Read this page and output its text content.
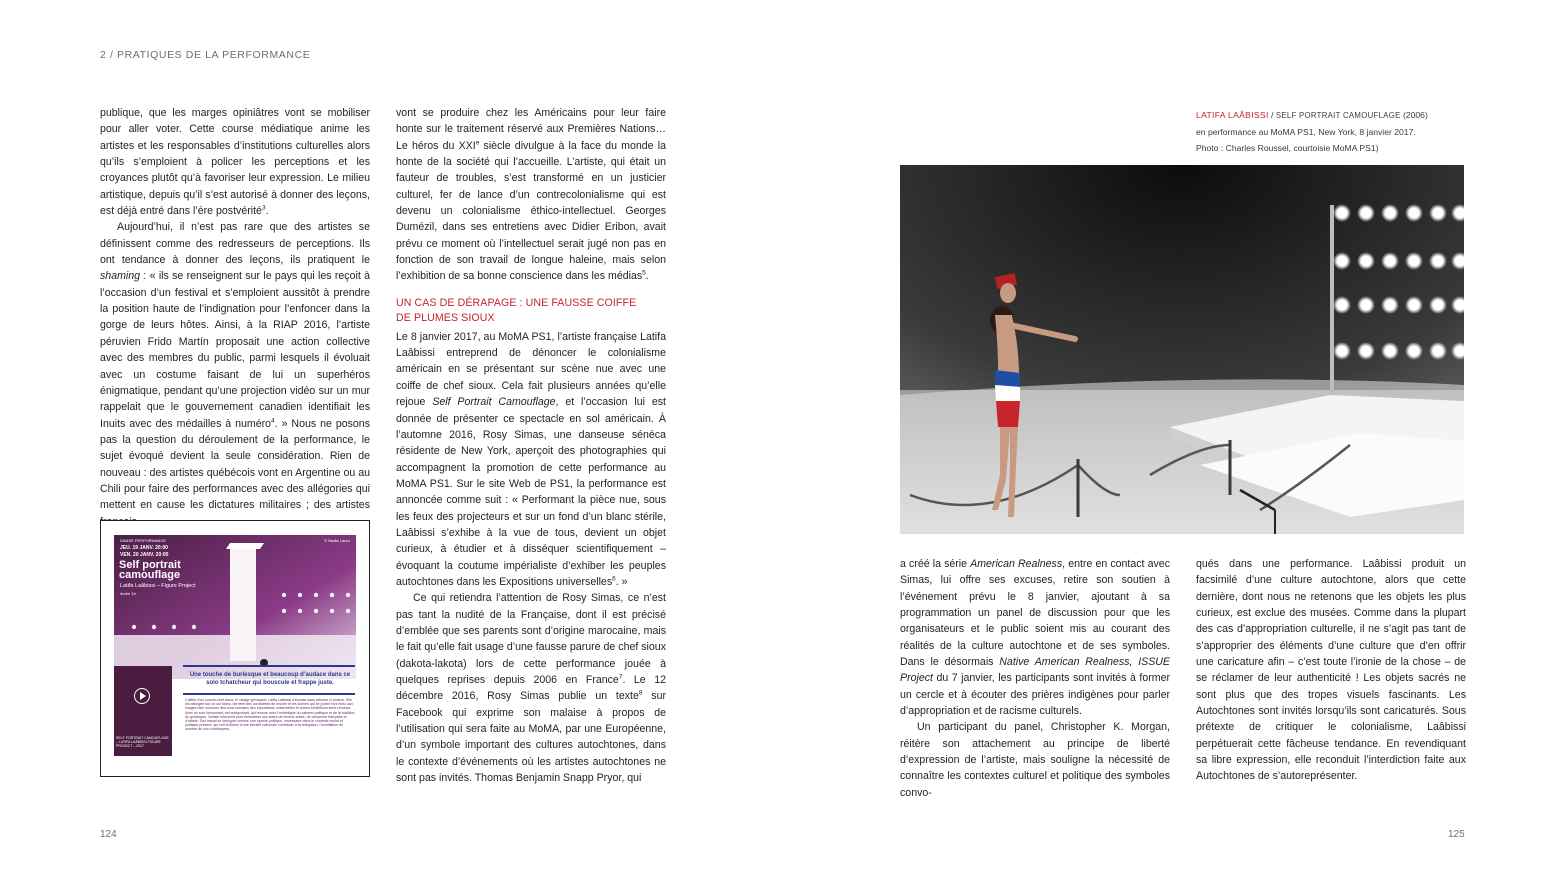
2 / PRATIQUES DE LA PERFORMANCE

publique, que les marges opiniâtres vont se mobiliser pour aller voter. Cette course médiatique anime les artistes et les responsables d’institutions culturelles alors qu’ils s’emploient à policer les perceptions et les croyances plutôt qu’à favoriser leur expression. Le milieu artistique, depuis qu’il s’est autorisé à donner des leçons, est déjà entré dans l’ère postvérité$^3$.

Aujourd’hui, il n’est pas rare que des artistes se définissent comme des redresseurs de perceptions. Ils ont tendance à donner des leçons, ils pratiquent le shaming : « ils se renseignent sur le pays qui les reçoit à l’occasion d’un festival et s’emploient aussitôt à prendre la position haute de l’indignation pour l’enfoncer dans la gorge de leurs hôtes. Ainsi, à la RIAP 2016, l’artiste péruvien Frido Martín proposait une action collective avec des membres du public, parmi lesquels il évoluait avec un costume faisant de lui un superhéros énigmatique, pendant qu’une projection vidéo sur un mur rappelait que le gouvernement canadien identifiait les Inuits avec des médailles à numéro$^4$. » Nous ne posons pas la question du déroulement de la performance, le sujet évoqué devient la seule considération. Rien de nouveau : des artistes québécois vont en Argentine ou au Chili pour faire des performances avec des allégories qui mettent en cause les dictatures militaires ; des artistes

DANSE PERFORMANCE	© Nadia Lauro
JEU. 19 JANV. 20:00
VEN. 20 JANV. 20:00
Self portrait camouflage
Latifa Laâbissi – Figure Project
durée 1h
SELF PORTRAIT CAMOUFLAGE – LATIFA LAÂBISSI FIGURE PROJECT – 2017
Une touche de burlesque et beaucoup d’audace dans ce solo tchatcheur qui bouscule et frappe juste.
Coiffée d’un couvre-chef sioux, le visage grimaçant, Latifa Laâbissi s’expose sans retenue ni pudeur. Elle est allongée sur un sol blanc, derrière des cordelettes de musée et les scènes qui se jouent font écho aux images bien connues des zoos humains des expositions universelles et autres exhibitions semi-rendues. Avec ce solo foisonnant, cet autoportrait, qui renoue avec l’esthétique du cabaret politique et de la tradition du grotesque, l’artiste intervient pour thématiser son statut de femme arabe, de citoyenne française et d’artiste. Son travail se décrypte comme une riposte politique, nécessaire dans le contexte social et politique présent, qui voit la fiction d’une identité nationale contribuer à la relégation, l’humiliation de nombre de nos concitoyens.

vont se produire chez les Américains pour leur faire honte sur le traitement réservé aux Premières Nations… Le héros du XXIe siècle divulgue à la face du monde la honte de la société qui l’accueille. L’artiste, qui était un fauteur de troubles, s’est transformé en un justicier culturel, fer de lance d’un contrecolonialisme qui est devenu un colonialisme éthico-intellectuel. Georges Dumézil, dans ses entretiens avec Didier Eribon, avait prévu ce moment où l’intellectuel serait jugé non pas en fonction de son travail de longue haleine, mais selon l’exhibition de sa bonne conscience dans les médias$^5$.

UN CAS DE DÉRAPAGE : UNE FAUSSE COIFFE
DE PLUMES SIOUX

Le 8 janvier 2017, au MoMA PS1, l’artiste française Latifa Laâbissi entreprend de dénoncer le colonialisme américain en se présentant sur scène nue avec une coiffe de chef sioux. Cela fait plusieurs années qu’elle rejoue Self Portrait Camouflage, et l’occasion lui est donnée de présenter ce spectacle en sol américain. À l’automne 2016, Rosy Simas, une danseuse sénéca résidente de New York, aperçoit des photographies qui accompagnent la promotion de cette performance au MoMA PS1. Sur le site Web de PS1, la performance est annoncée comme suit : « Performant la pièce nue, sous les feux des projecteurs et sur un fond d’un blanc stérile, Laâbissi s’exhibe à la vue de tous, devient un objet curieux, à étudier et à disséquer scientifiquement – évoquant la coutume impérialiste d’exhiber les peuples autochtones dans les Expositions universelles$^6$. »

Ce qui retiendra l’attention de Rosy Simas, ce n’est pas tant la nudité de la Française, dont il est précisé d’emblée que ses parents sont d’origine marocaine, mais le fait qu’elle fait usage d’une fausse parure de chef sioux (dakota-lakota) lors de cette performance jouée à quelques reprises depuis 2006 en France$^7$. Le 12 décembre 2016, Rosy Simas publie un texte$^8$ sur Facebook qui exprime son malaise à propos de l’utilisation qui sera faite au MoMA, par une Européenne, d’un symbole important des cultures autochtones, dans le contexte d’événements où les artistes autochtones ne sont pas invités. Thomas Benjamin Snapp Pryor, qui

LATIFA LAÂBISSI / SELF PORTRAIT CAMOUFLAGE (2006)
en performance au MoMA PS1, New York, 8 janvier 2017.
Photo : Charles Roussel, courtoisie MoMA PS1)

a créé la série American Realness, entre en contact avec Simas, lui offre ses excuses, retire son soutien à l’événement prévu le 8 janvier, ajoutant à sa programmation un panel de discussion pour que les organisateurs et le public soient mis au courant des réalités de la culture autochtone et de ses symboles. Dans le désormais Native American Realness, ISSUE Project du 7 janvier, les participants sont invités à former un cercle et à écouter des prières indigènes pour parler d’appropriation et de racisme culturels.

Un participant du panel, Christopher K. Morgan, réitère son attachement au principe de liberté d’expression de l’artiste, mais souligne la nécessité de connaître les contextes culturel et politique des symboles convo-

qués dans une performance. Laâbissi produit un facsimilé d’une culture autochtone, alors que cette dernière, dont nous ne retenons que les objets les plus curieux, est exclue des musées. Comme dans la plupart des cas d’appropriation culturelle, il ne s’agit pas tant de s’approprier des éléments d’une culture que d’en offrir une caricature afin – c’est toute l’ironie de la chose – de se réclamer de leur authenticité ! Les objets sacrés ne sont plus que des tropes visuels fascinants. Les Autochtones sont invités lorsqu’ils sont caricaturés. Sous prétexte de critiquer le colonialisme, Laâbissi perpétuerait cette fâcheuse tendance. En revendiquant sa libre expression, elle reconduit l’interdiction faite aux Autochtones de s’autoreprésenter.

124	125
